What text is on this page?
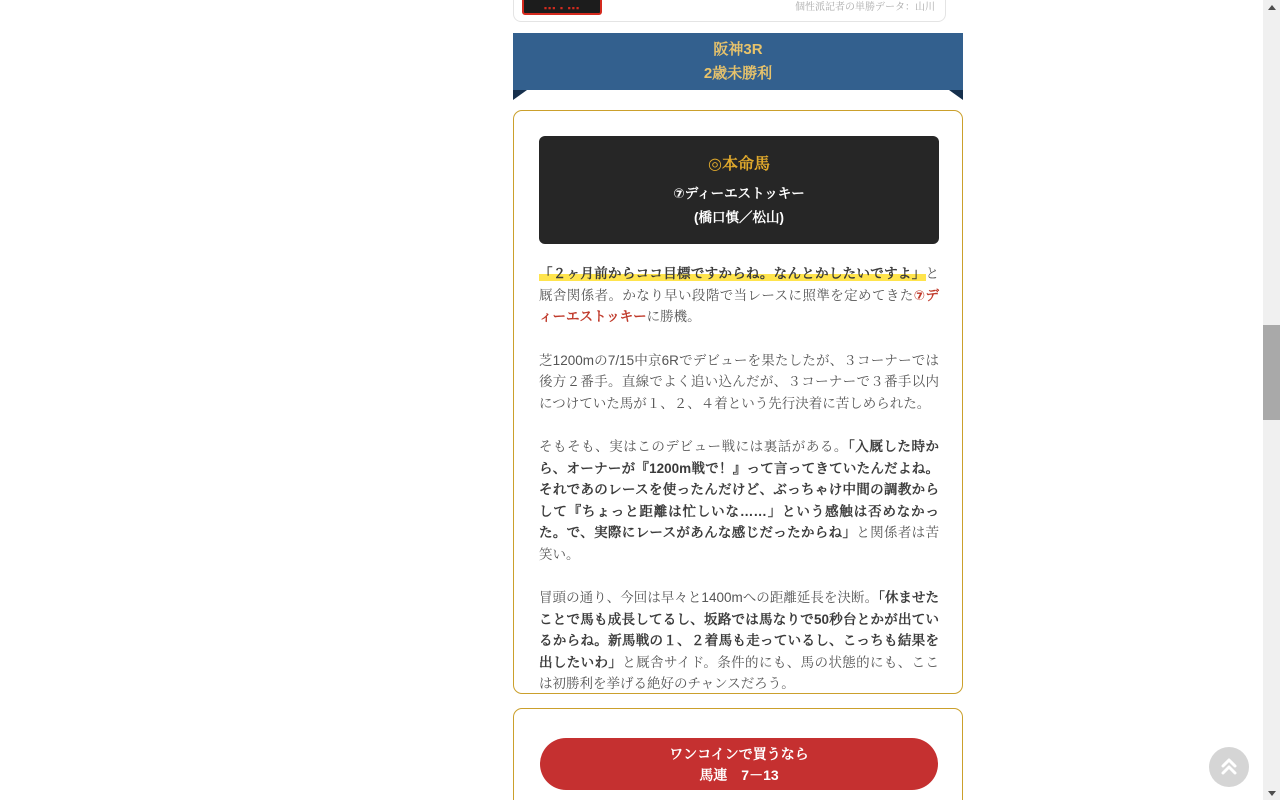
▪▪▪ ▪ ▪▪▪	個性派記者の単勝データ：山川
阪神3R
2歳未勝利
◎本命馬
⑦ディーエストッキー
(橋口慎／松山)

「２ヶ月前からココ目標ですからね。なんとかしたいですよ」と厩舎関係者。かなり早い段階で当レースに照準を定めてきた⑦ディーエストッキーに勝機。

芝1200mの7/15中京6Rでデビューを果たしたが、３コーナーでは後方２番手。直線でよく追い込んだが、３コーナーで３番手以内につけていた馬が１、２、４着という先行決着に苦しめられた。

そもそも、実はこのデビュー戦には裏話がある。「入厩した時から、オーナーが『1200m戦で！』って言ってきていたんだよね。それであのレースを使ったんだけど、ぶっちゃけ中間の調教からして『ちょっと距離は忙しいな……」という感触は否めなかった。で、実際にレースがあんな感じだったからね」と関係者は苦笑い。

冒頭の通り、今回は早々と1400mへの距離延長を決断。「休ませたことで馬も成長してるし、坂路では馬なりで50秒台とかが出ているからね。新馬戦の１、２着馬も走っているし、こっちも結果を出したいわ」と厩舎サイド。条件的にも、馬の状態的にも、ここは初勝利を挙げる絶好のチャンスだろう。

ワンコインで買うなら
馬連　7－13
